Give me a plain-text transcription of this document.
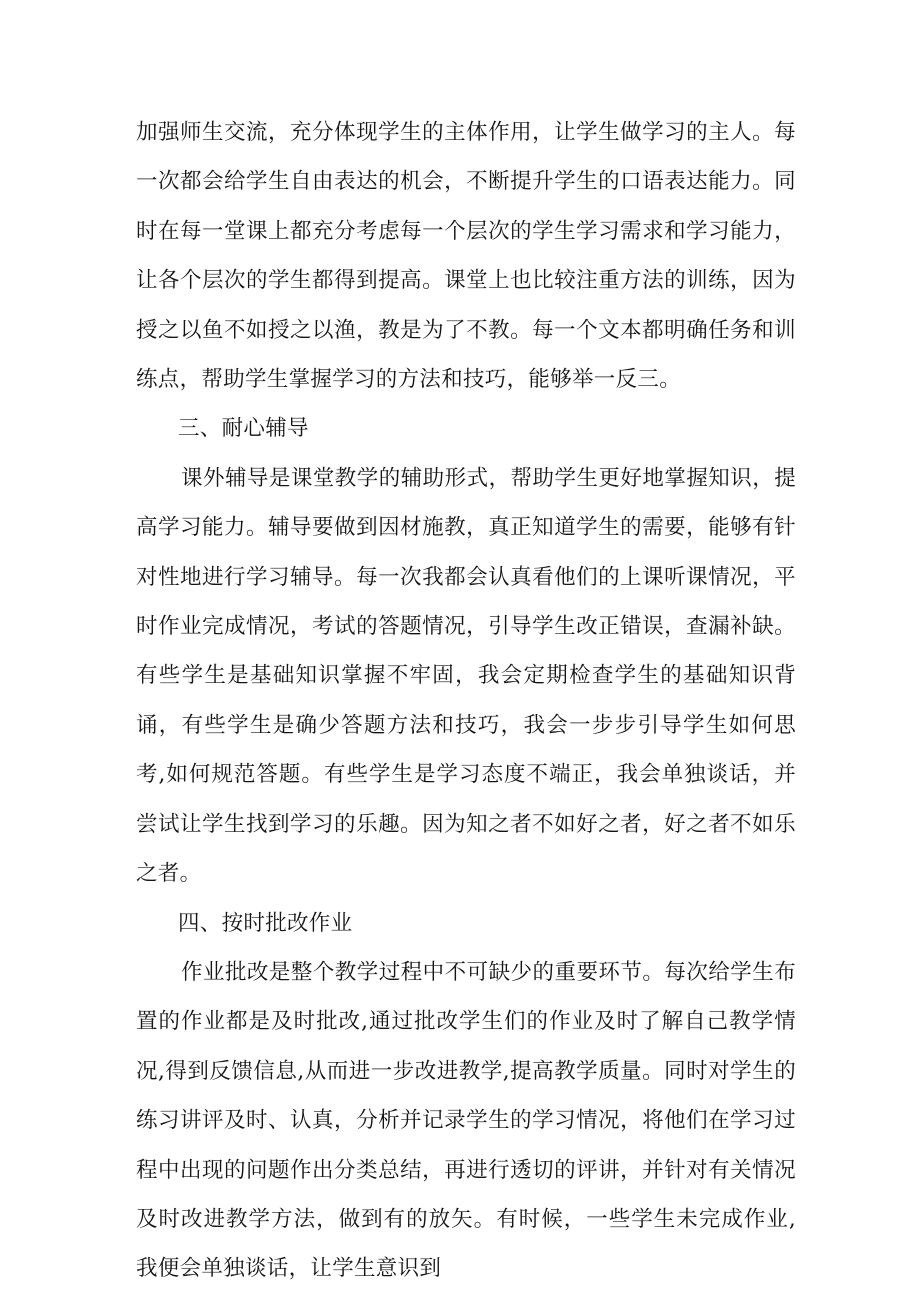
加强师生交流，充分体现学生的主体作用，让学生做学习的主人。每一次都会给学生自由表达的机会，不断提升学生的口语表达能力。同时在每一堂课上都充分考虑每一个层次的学生学习需求和学习能力，让各个层次的学生都得到提高。课堂上也比较注重方法的训练，因为授之以鱼不如授之以渔，教是为了不教。每一个文本都明确任务和训练点，帮助学生掌握学习的方法和技巧，能够举一反三。

三、耐心辅导

课外辅导是课堂教学的辅助形式，帮助学生更好地掌握知识，提高学习能力。辅导要做到因材施教，真正知道学生的需要，能够有针对性地进行学习辅导。每一次我都会认真看他们的上课听课情况，平时作业完成情况，考试的答题情况，引导学生改正错误，查漏补缺。有些学生是基础知识掌握不牢固，我会定期检查学生的基础知识背诵，有些学生是确少答题方法和技巧，我会一步步引导学生如何思考,如何规范答题。有些学生是学习态度不端正，我会单独谈话，并尝试让学生找到学习的乐趣。因为知之者不如好之者，好之者不如乐之者。

四、按时批改作业

作业批改是整个教学过程中不可缺少的重要环节。每次给学生布置的作业都是及时批改,通过批改学生们的作业及时了解自己教学情况,得到反馈信息,从而进一步改进教学,提高教学质量。同时对学生的练习讲评及时、认真，分析并记录学生的学习情况，将他们在学习过程中出现的问题作出分类总结，再进行透切的评讲，并针对有关情况及时改进教学方法，做到有的放矢。有时候，一些学生未完成作业,我便会单独谈话，让学生意识到
